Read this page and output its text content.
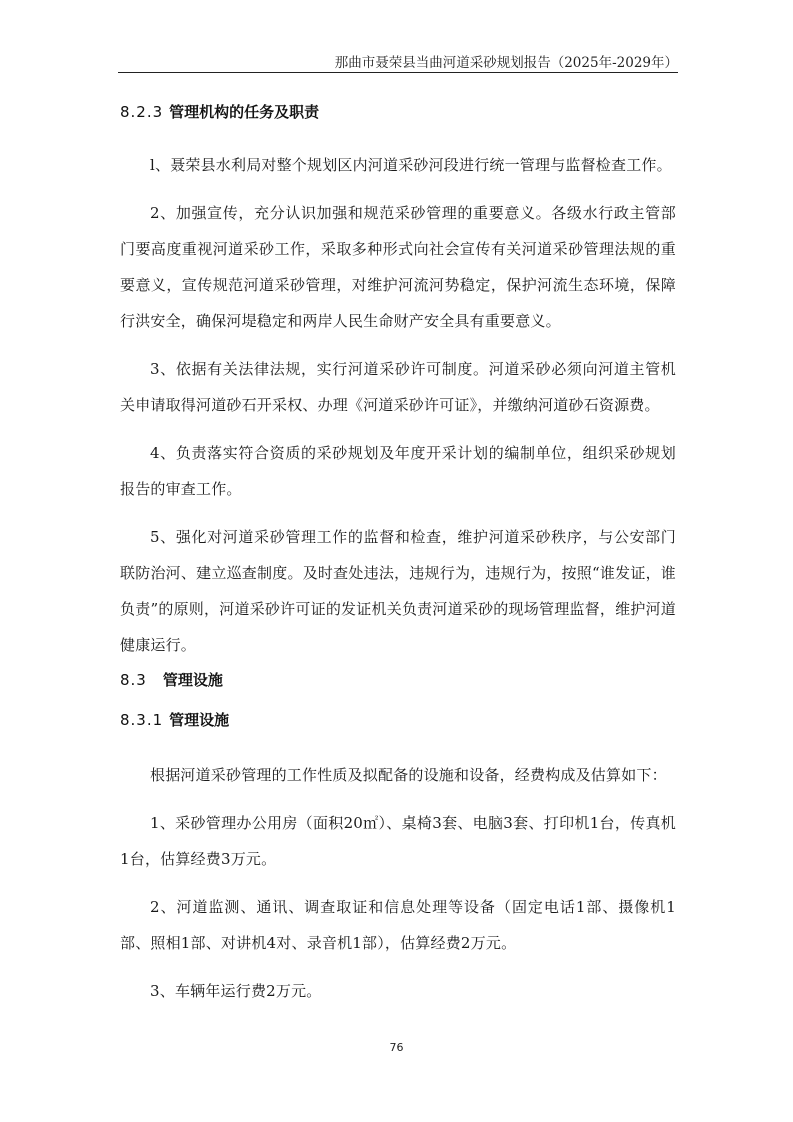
那曲市聂荣县当曲河道采砂规划报告（2025年-2029年）
8.2.3 管理机构的任务及职责

l、聂荣县水利局对整个规划区内河道采砂河段进行统一管理与监督检查工作。

2、加强宣传，充分认识加强和规范采砂管理的重要意义。各级水行政主管部门要高度重视河道采砂工作，采取多种形式向社会宣传有关河道采砂管理法规的重要意义，宣传规范河道采砂管理，对维护河流河势稳定，保护河流生态环境，保障行洪安全，确保河堤稳定和两岸人民生命财产安全具有重要意义。

3、依据有关法律法规，实行河道采砂许可制度。河道采砂必须向河道主管机关申请取得河道砂石开采权、办理《河道采砂许可证》，并缴纳河道砂石资源费。

4、负责落实符合资质的采砂规划及年度开采计划的编制单位，组织采砂规划报告的审查工作。

5、强化对河道采砂管理工作的监督和检查，维护河道采砂秩序，与公安部门联防治河、建立巡查制度。及时查处违法，违规行为，违规行为，按照“谁发证，谁负责”的原则，河道采砂许可证的发证机关负责河道采砂的现场管理监督，维护河道健康运行。

8.3 管理设施
8.3.1 管理设施

根据河道采砂管理的工作性质及拟配备的设施和设备，经费构成及估算如下：

1、采砂管理办公用房（面积20㎡）、桌椅3套、电脑3套、打印机1台，传真机1台，估算经费3万元。

2、河道监测、通讯、调查取证和信息处理等设备（固定电话1部、摄像机1部、照相1部、对讲机4对、录音机1部），估算经费2万元。

3、车辆年运行费2万元。

76
